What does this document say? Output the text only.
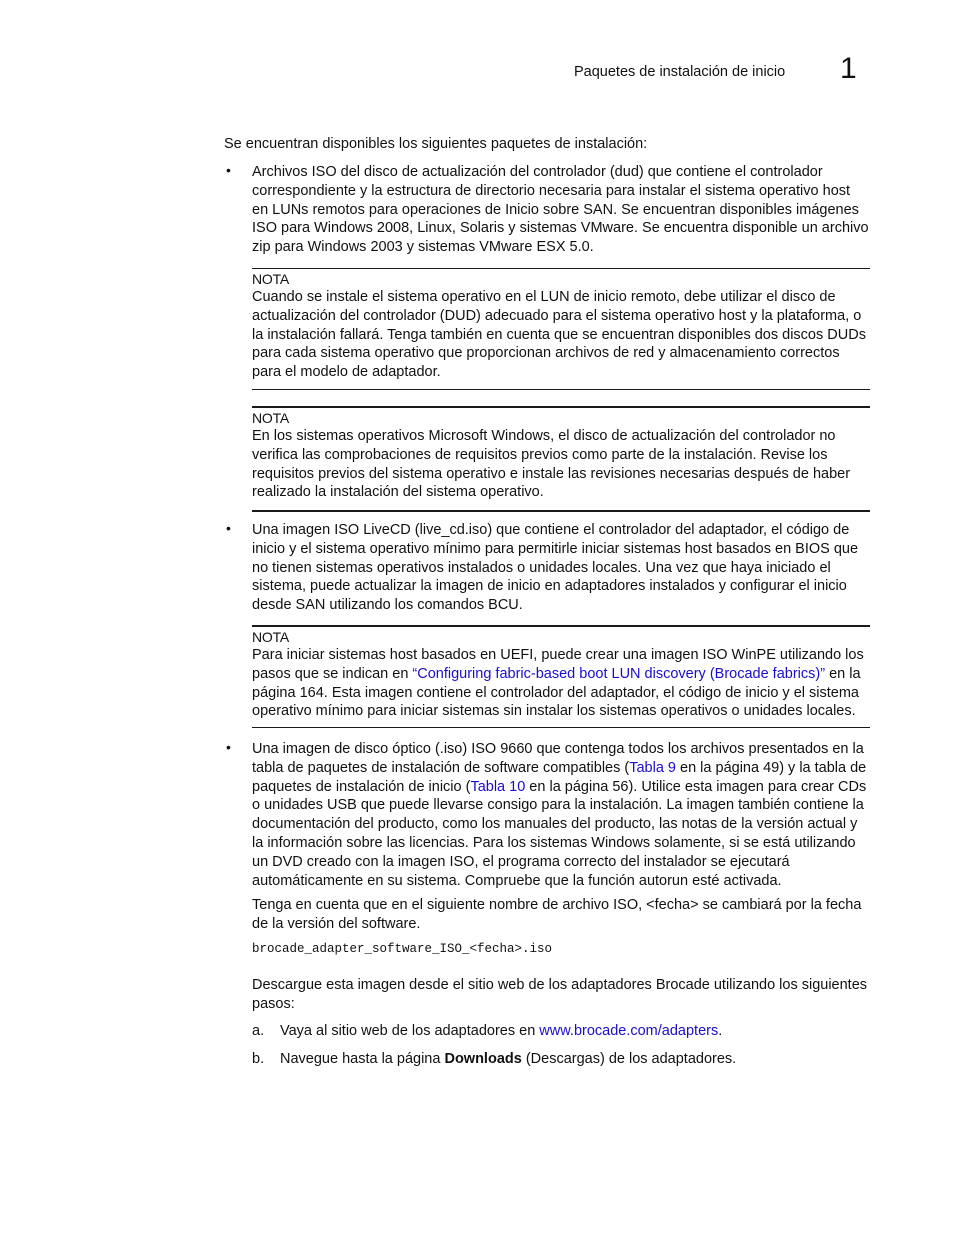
Paquetes de instalación de inicio 1

Se encuentran disponibles los siguientes paquetes de instalación:

•	Archivos ISO del disco de actualización del controlador (dud) que contiene el controlador correspondiente y la estructura de directorio necesaria para instalar el sistema operativo host en LUNs remotos para operaciones de Inicio sobre SAN. Se encuentran disponibles imágenes ISO para Windows 2008, Linux, Solaris y sistemas VMware. Se encuentra disponible un archivo zip para Windows 2003 y sistemas VMware ESX 5.0.

NOTA

Cuando se instale el sistema operativo en el LUN de inicio remoto, debe utilizar el disco de actualización del controlador (DUD) adecuado para el sistema operativo host y la plataforma, o la instalación fallará. Tenga también en cuenta que se encuentran disponibles dos discos DUDs para cada sistema operativo que proporcionan archivos de red y almacenamiento correctos para el modelo de adaptador.

NOTA

En los sistemas operativos Microsoft Windows, el disco de actualización del controlador no verifica las comprobaciones de requisitos previos como parte de la instalación. Revise los requisitos previos del sistema operativo e instale las revisiones necesarias después de haber realizado la instalación del sistema operativo.

•	Una imagen ISO LiveCD (live_cd.iso) que contiene el controlador del adaptador, el código de inicio y el sistema operativo mínimo para permitirle iniciar sistemas host basados en BIOS que no tienen sistemas operativos instalados o unidades locales. Una vez que haya iniciado el sistema, puede actualizar la imagen de inicio en adaptadores instalados y configurar el inicio desde SAN utilizando los comandos BCU.

NOTA

Para iniciar sistemas host basados en UEFI, puede crear una imagen ISO WinPE utilizando los pasos que se indican en “Configuring fabric-based boot LUN discovery (Brocade fabrics)” en la página 164. Esta imagen contiene el controlador del adaptador, el código de inicio y el sistema operativo mínimo para iniciar sistemas sin instalar los sistemas operativos o unidades locales.

•	Una imagen de disco óptico (.iso) ISO 9660 que contenga todos los archivos presentados en la tabla de paquetes de instalación de software compatibles (Tabla 9 en la página 49) y la tabla de paquetes de instalación de inicio (Tabla 10 en la página 56). Utilice esta imagen para crear CDs o unidades USB que puede llevarse consigo para la instalación. La imagen también contiene la documentación del producto, como los manuales del producto, las notas de la versión actual y la información sobre las licencias. Para los sistemas Windows solamente, si se está utilizando un DVD creado con la imagen ISO, el programa correcto del instalador se ejecutará automáticamente en su sistema. Compruebe que la función autorun esté activada.

Tenga en cuenta que en el siguiente nombre de archivo ISO, <fecha> se cambiará por la fecha de la versión del software.

brocade_adapter_software_ISO_<fecha>.iso

Descargue esta imagen desde el sitio web de los adaptadores Brocade utilizando los siguientes pasos:

a. Vaya al sitio web de los adaptadores en www.brocade.com/adapters.
b. Navegue hasta la página Downloads (Descargas) de los adaptadores.
